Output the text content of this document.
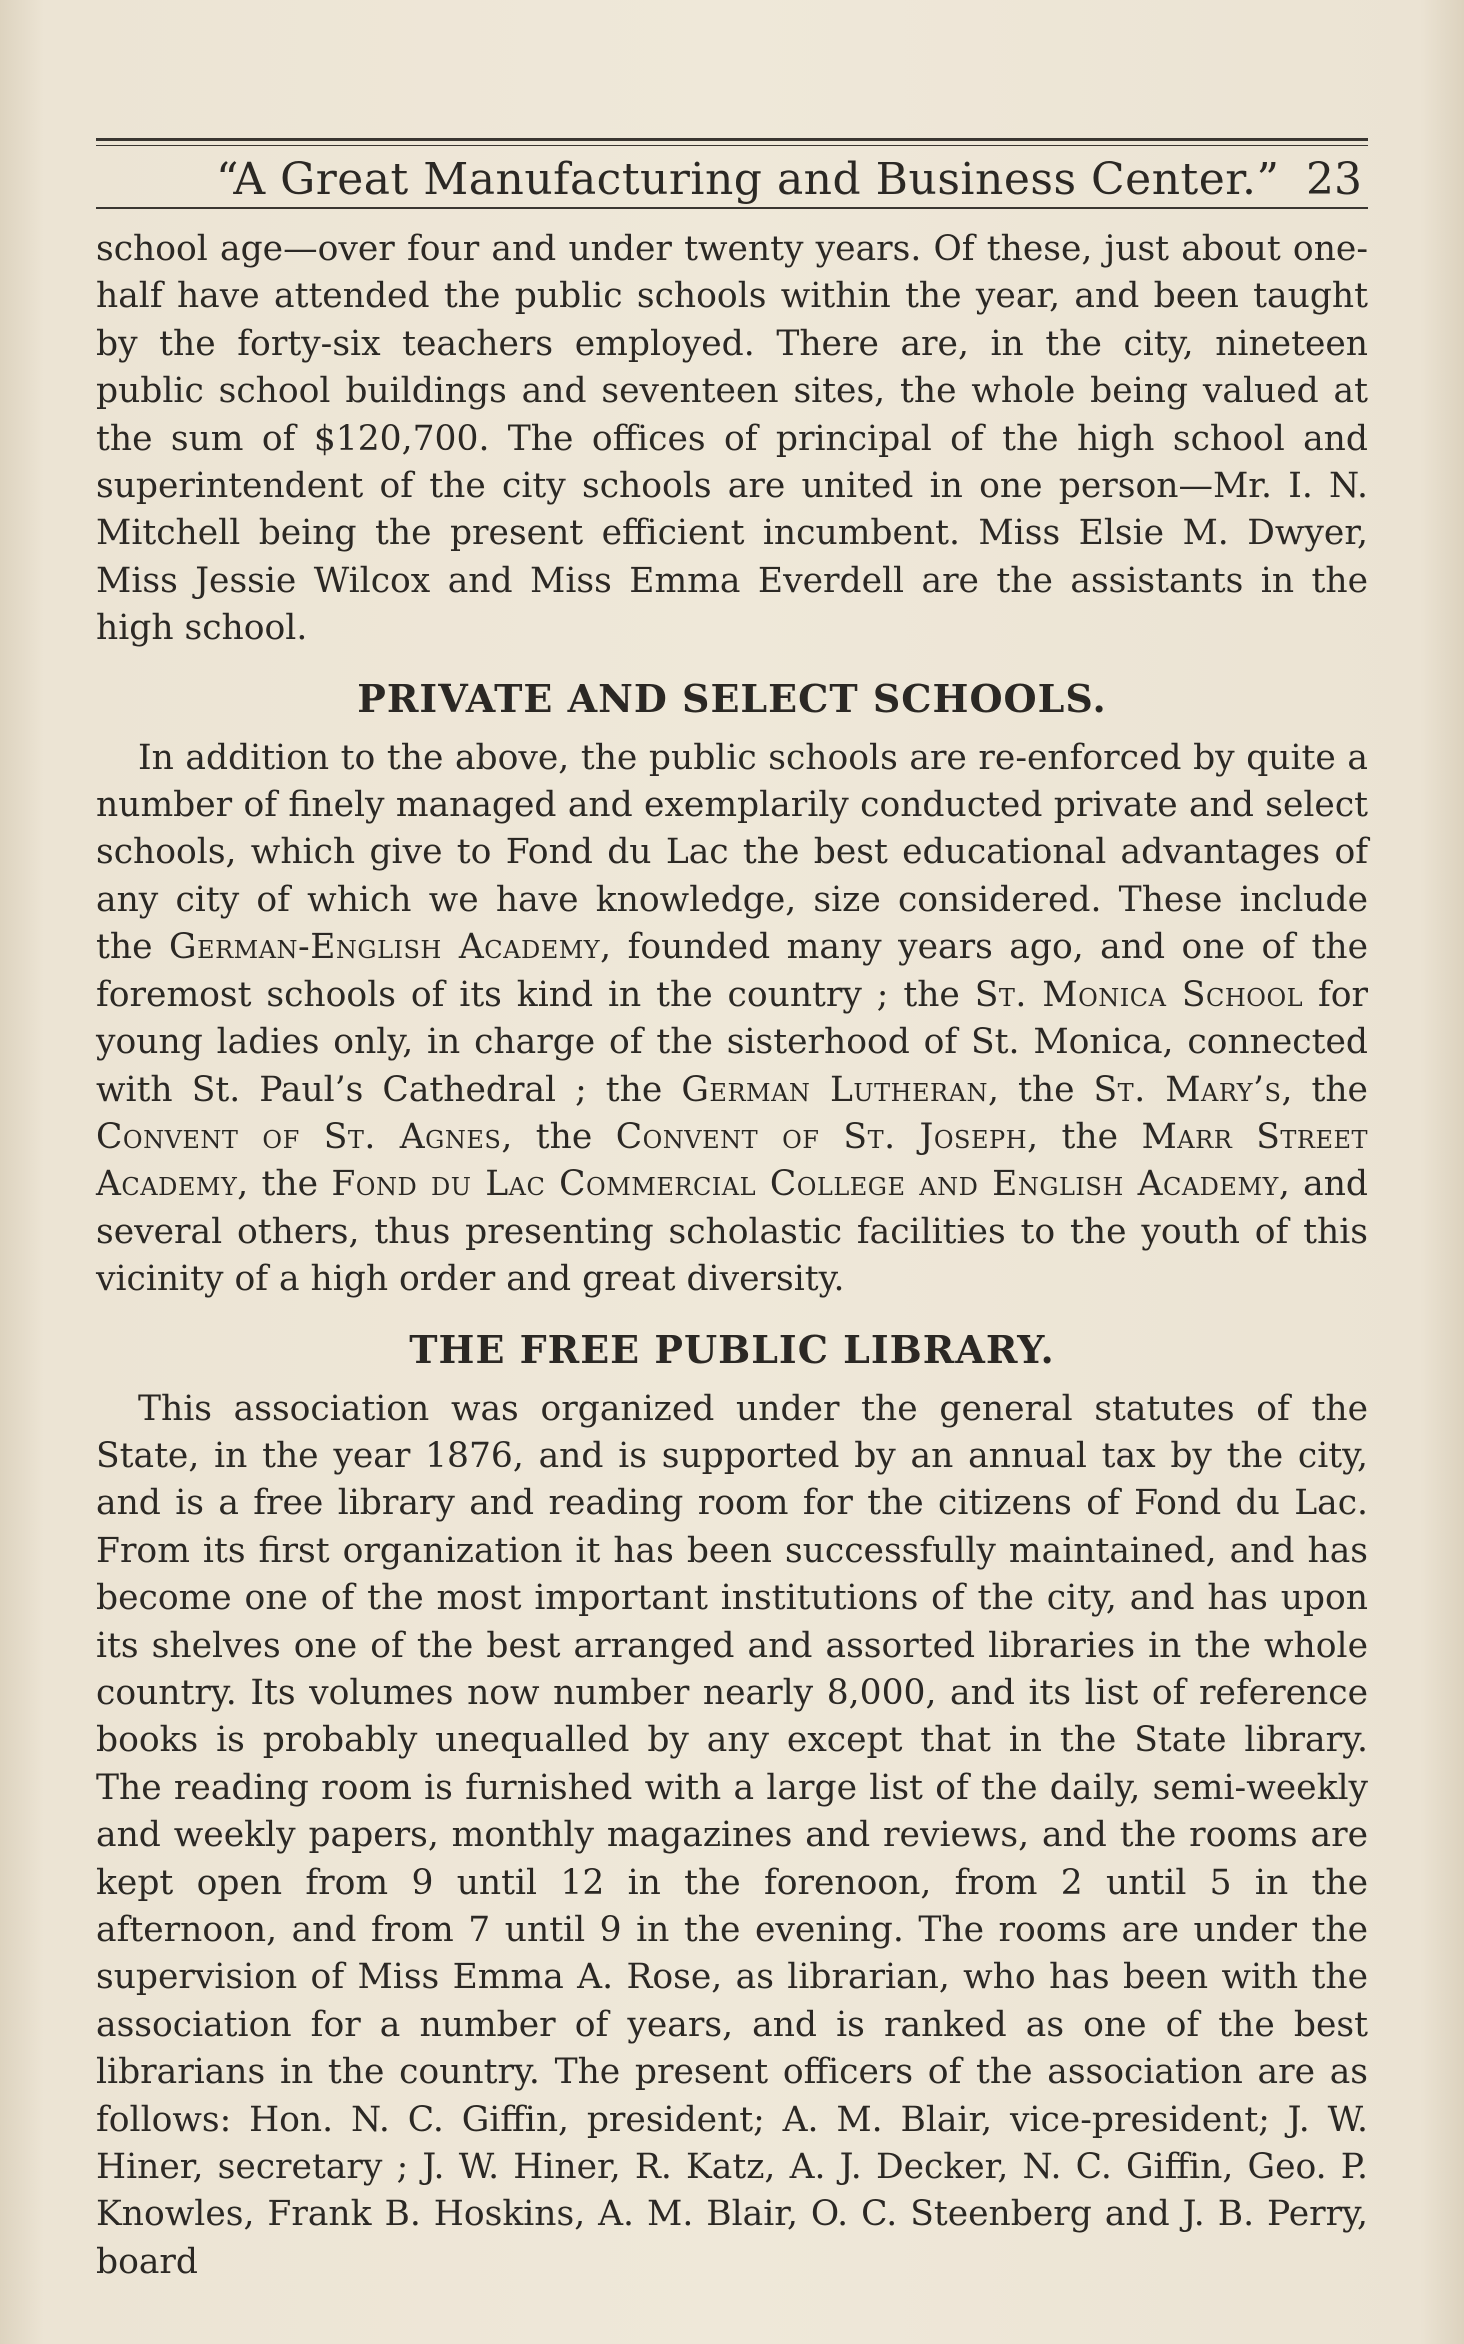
“A Great Manufacturing and Business Center.” 23

school age—over four and under twenty years. Of these, just about one-half have attended the public schools within the year, and been taught by the forty-six teachers employed. There are, in the city, nineteen public school buildings and seventeen sites, the whole being valued at the sum of $120,700. The offices of principal of the high school and superintendent of the city schools are united in one person—Mr. I. N. Mitchell being the present efficient incumbent. Miss Elsie M. Dwyer, Miss Jessie Wilcox and Miss Emma Everdell are the assistants in the high school.

PRIVATE AND SELECT SCHOOLS.

In addition to the above, the public schools are re-enforced by quite a number of finely managed and exemplarily conducted private and select schools, which give to Fond du Lac the best educational advantages of any city of which we have knowledge, size considered. These include the German-English Academy, founded many years ago, and one of the foremost schools of its kind in the country ; the St. Monica School for young ladies only, in charge of the sisterhood of St. Monica, connected with St. Paul’s Cathedral ; the German Lutheran, the St. Mary’s, the Convent of St. Agnes, the Convent of St. Joseph, the Marr Street Academy, the Fond du Lac Commercial College and English Academy, and several others, thus presenting scholastic facilities to the youth of this vicinity of a high order and great diversity.

THE FREE PUBLIC LIBRARY.

This association was organized under the general statutes of the State, in the year 1876, and is supported by an annual tax by the city, and is a free library and reading room for the citizens of Fond du Lac. From its first organization it has been successfully maintained, and has become one of the most important institutions of the city, and has upon its shelves one of the best arranged and assorted libraries in the whole country. Its volumes now number nearly 8,000, and its list of reference books is probably unequalled by any except that in the State library. The reading room is furnished with a large list of the daily, semi-weekly and weekly papers, monthly magazines and reviews, and the rooms are kept open from 9 until 12 in the forenoon, from 2 until 5 in the afternoon, and from 7 until 9 in the evening. The rooms are under the supervision of Miss Emma A. Rose, as librarian, who has been with the association for a number of years, and is ranked as one of the best librarians in the country. The present officers of the association are as follows: Hon. N. C. Giffin, president; A. M. Blair, vice-president; J. W. Hiner, secretary ; J. W. Hiner, R. Katz, A. J. Decker, N. C. Giffin, Geo. P. Knowles, Frank B. Hoskins, A. M. Blair, O. C. Steenberg and J. B. Perry, board
